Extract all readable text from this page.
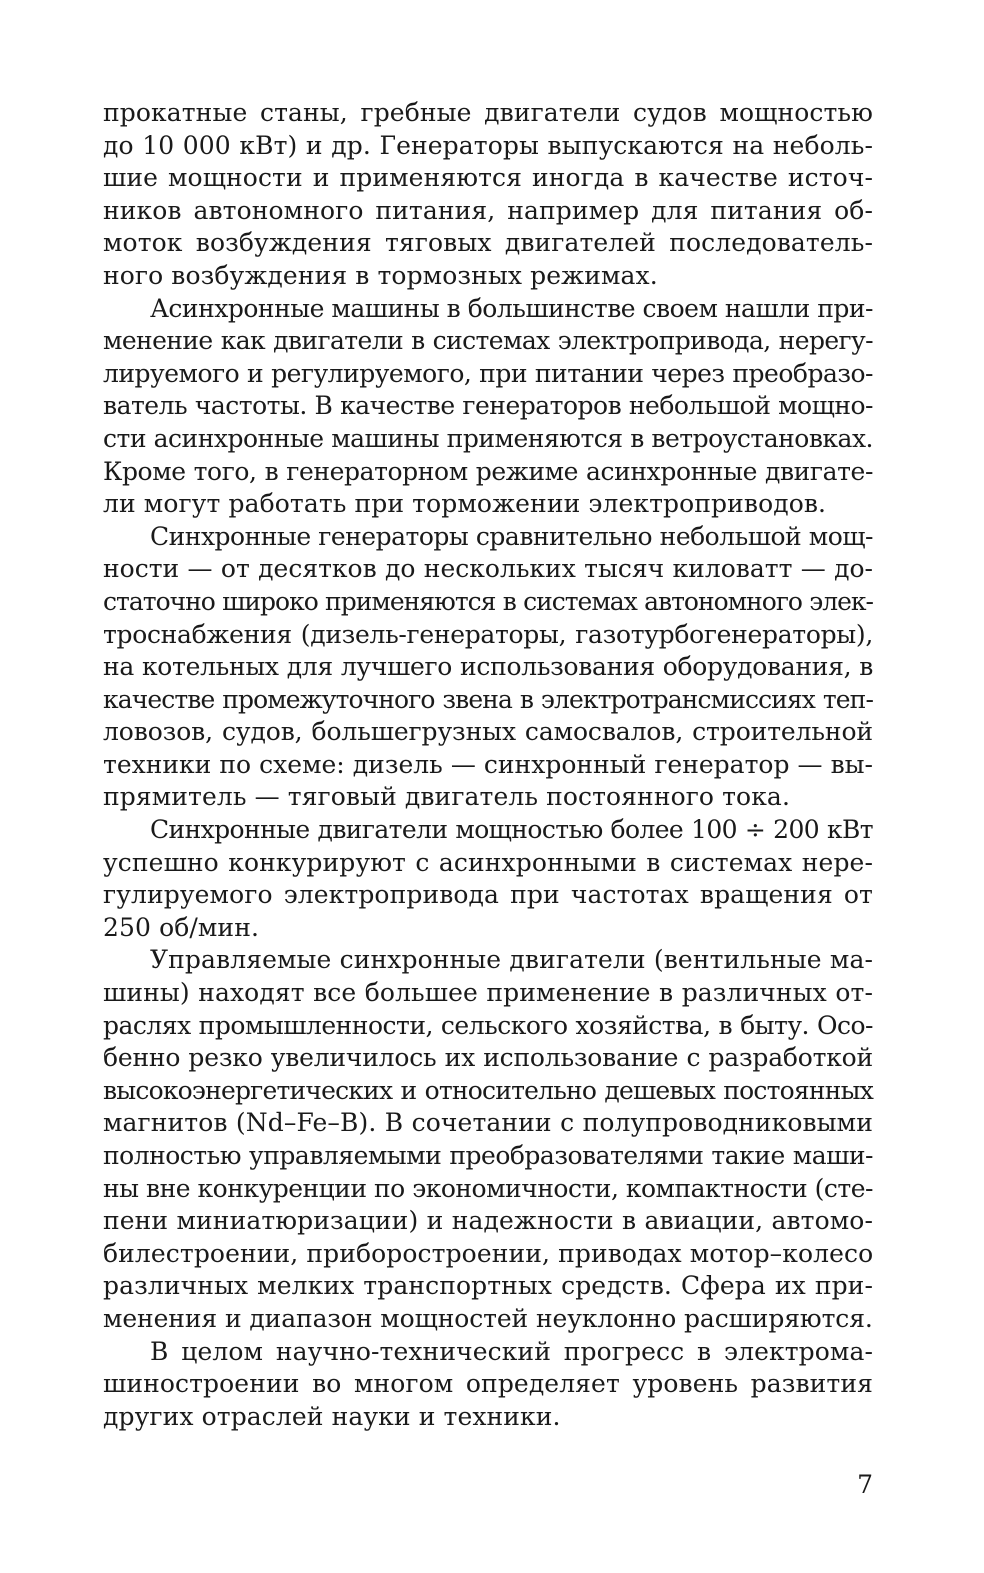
прокатные станы, гребные двигатели судов мощностью
до 10 000 кВт) и др. Генераторы выпускаются на неболь-
шие мощности и применяются иногда в качестве источ-
ников автономного питания, например для питания об-
моток возбуждения тяговых двигателей последователь-
ного возбуждения в тормозных режимах.
Асинхронные машины в большинстве своем нашли при-
менение как двигатели в системах электропривода, нерегу-
лируемого и регулируемого, при питании через преобразо-
ватель частоты. В качестве генераторов небольшой мощно-
сти асинхронные машины применяются в ветроустановках.
Кроме того, в генераторном режиме асинхронные двигате-
ли могут работать при торможении электроприводов.
Синхронные генераторы сравнительно небольшой мощ-
ности — от десятков до нескольких тысяч киловатт — до-
статочно широко применяются в системах автономного элек-
троснабжения (дизель-генераторы, газотурбогенераторы),
на котельных для лучшего использования оборудования, в
качестве промежуточного звена в электротрансмиссиях теп-
ловозов, судов, большегрузных самосвалов, строительной
техники по схеме: дизель — синхронный генератор — вы-
прямитель — тяговый двигатель постоянного тока.
Синхронные двигатели мощностью более 100 ÷ 200 кВт
успешно конкурируют с асинхронными в системах нере-
гулируемого электропривода при частотах вращения от
250 об/мин.
Управляемые синхронные двигатели (вентильные ма-
шины) находят все большее применение в различных от-
раслях промышленности, сельского хозяйства, в быту. Осо-
бенно резко увеличилось их использование с разработкой
высокоэнергетических и относительно дешевых постоянных
магнитов (Nd–Fe–B). В сочетании с полупроводниковыми
полностью управляемыми преобразователями такие маши-
ны вне конкуренции по экономичности, компактности (сте-
пени миниатюризации) и надежности в авиации, автомо-
билестроении, приборостроении, приводах мотор–колесо
различных мелких транспортных средств. Сфера их при-
менения и диапазон мощностей неуклонно расширяются.
В целом научно-технический прогресс в электрома-
шиностроении во многом определяет уровень развития
других отраслей науки и техники.
7
